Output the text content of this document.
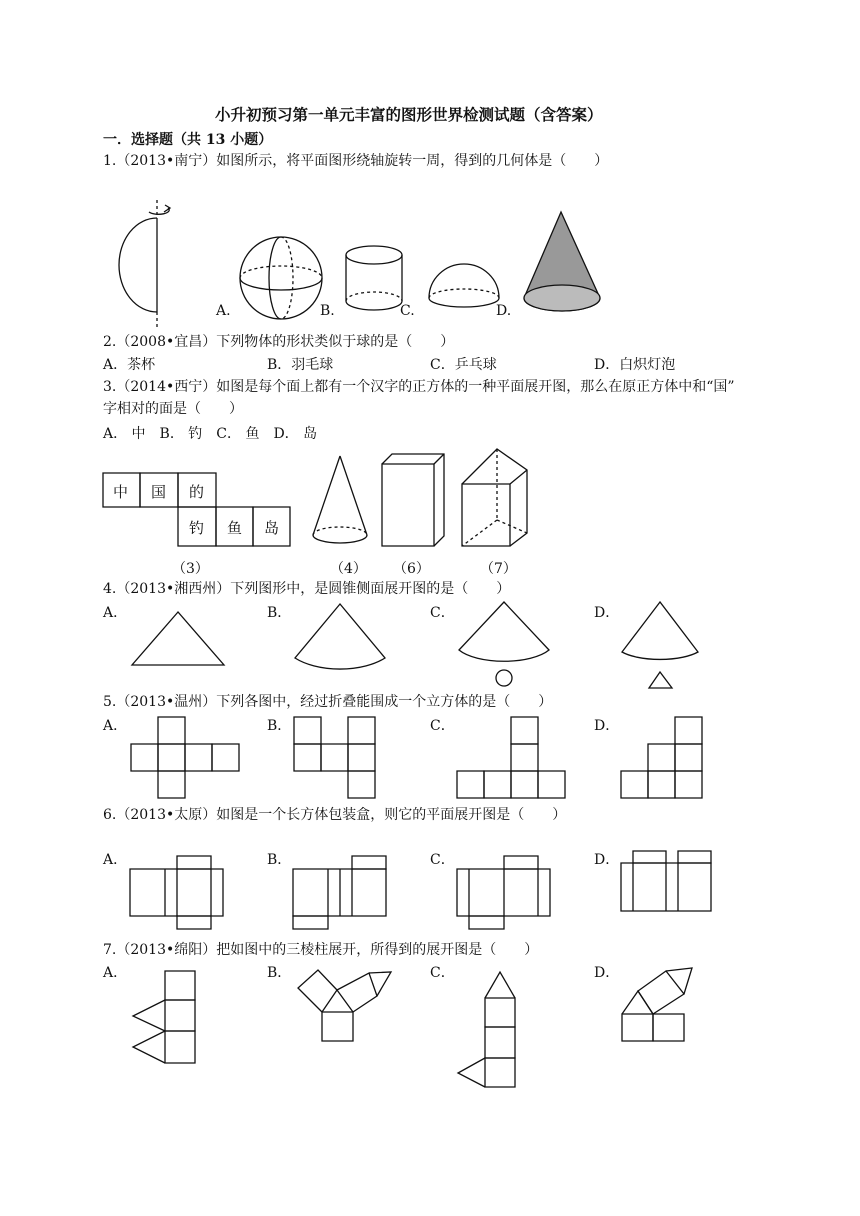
小升初预习第一单元丰富的图形世界检测试题（含答案）
一．选择题（共 13 小题）
1.（2013•南宁）如图所示，将平面图形绕轴旋转一周，得到的几何体是（　　）
A.	B.	C.	D.
2.（2008•宜昌）下列物体的形状类似于球的是（　　）
A．茶杯	B．羽毛球	C．乒乓球	D．白炽灯泡
3.（2014•西宁）如图是每个面上都有一个汉字的正方体的一种平面展开图，那么在原正方体中和“国”
字相对的面是（　　）
A． 中　B． 钓　C． 鱼　D． 岛
（3）	（4） （6）	（7）
4.（2013•湘西州）下列图形中，是圆锥侧面展开图的是（　　）
A．	B．	C．	D．
5.（2013•温州）下列各图中，经过折叠能围成一个立方体的是（　　）
A．	B．	C．	D．
6.（2013•太原）如图是一个长方体包装盒，则它的平面展开图是（　　）
A．	B．	C．	D．
7.（2013•绵阳）把如图中的三棱柱展开，所得到的展开图是（　　）
A．	B．	C．	D．
中 国 的
钓 鱼 岛
